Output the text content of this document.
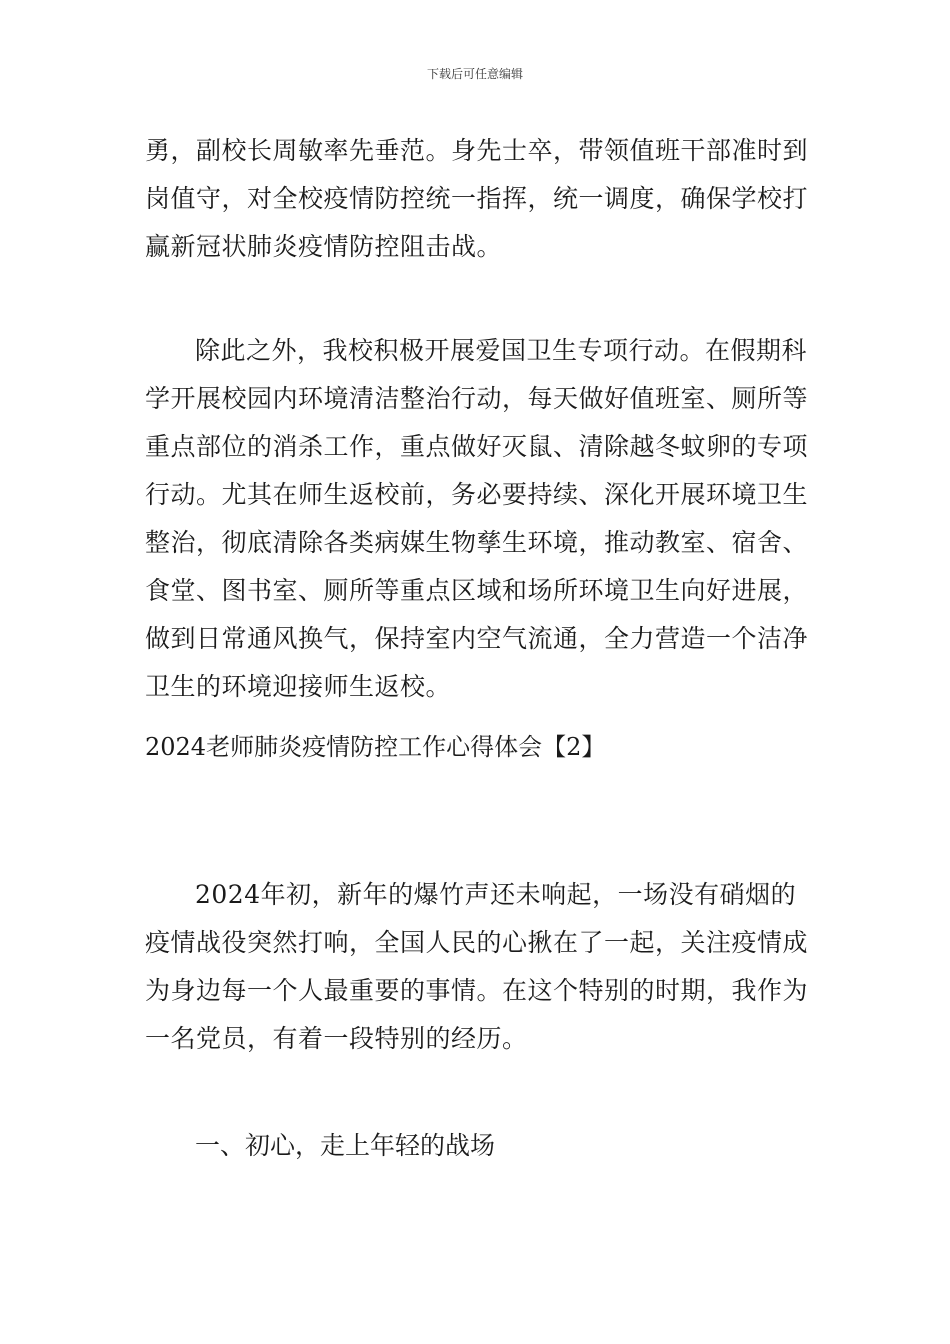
下载后可任意编辑

勇，副校长周敏率先垂范。身先士卒，带领值班干部准时到岗值守，对全校疫情防控统一指挥，统一调度，确保学校打赢新冠状肺炎疫情防控阻击战。

除此之外，我校积极开展爱国卫生专项行动。在假期科学开展校园内环境清洁整治行动，每天做好值班室、厕所等重点部位的消杀工作，重点做好灭鼠、清除越冬蚊卵的专项行动。尤其在师生返校前，务必要持续、深化开展环境卫生整治，彻底清除各类病媒生物孳生环境，推动教室、宿舍、食堂、图书室、厕所等重点区域和场所环境卫生向好进展，做到日常通风换气，保持室内空气流通，全力营造一个洁净卫生的环境迎接师生返校。

2024老师肺炎疫情防控工作心得体会【2】

2024年初，新年的爆竹声还未响起，一场没有硝烟的疫情战役突然打响，全国人民的心揪在了一起，关注疫情成为身边每一个人最重要的事情。在这个特别的时期，我作为一名党员，有着一段特别的经历。

一、初心，走上年轻的战场
